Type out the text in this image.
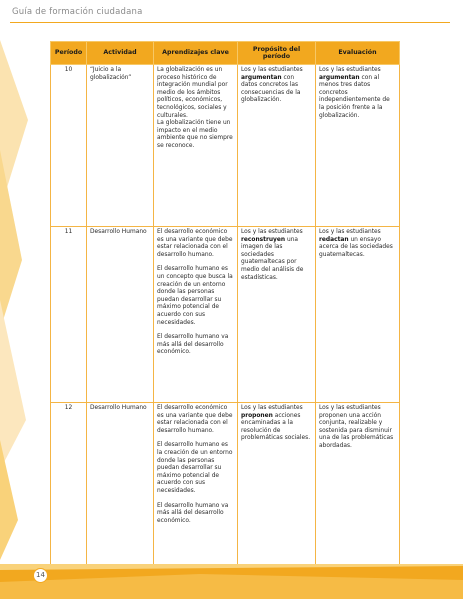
Guía de formación ciudadana
Período	Actividad	Aprendizajes clave	Propósito del período	Evaluación
10	“Juicio a la globalización”	La globalización es un proceso histórico de integración mundial por medio de los ámbitos políticos, económicos, tecnológicos, sociales y culturales.
La globalización tiene un impacto en el medio ambiente que no siempre se reconoce.	Los y las estudiantes argumentan con datos concretos las consecuencias de la globalización.	Los y las estudiantes argumentan con al menos tres datos concretos independientemente de la posición frente a la globalización.
11	Desarrollo Humano	El desarrollo económico es una variante que debe estar relacionada con el desarrollo humano.
El desarrollo humano es un concepto que busca la creación de un entorno donde las personas puedan desarrollar su máximo potencial de acuerdo con sus necesidades.
El desarrollo humano va más allá del desarrollo económico.	Los y las estudiantes reconstruyen una imagen de las sociedades guatemaltecas por medio del análisis de estadísticas.	Los y las estudiantes redactan un ensayo acerca de las sociedades guatemaltecas.
12	Desarrollo Humano	El desarrollo económico es una variante que debe estar relacionada con el desarrollo humano.
El desarrollo humano es la creación de un entorno donde las personas puedan desarrollar su máximo potencial de acuerdo con sus necesidades.
El desarrollo humano va más allá del desarrollo económico.	Los y las estudiantes proponen acciones encaminadas a la resolución de problemáticas sociales.	Los y las estudiantes proponen una acción conjunta, realizable y sostenida para disminuir una de las problemáticas abordadas.
14
